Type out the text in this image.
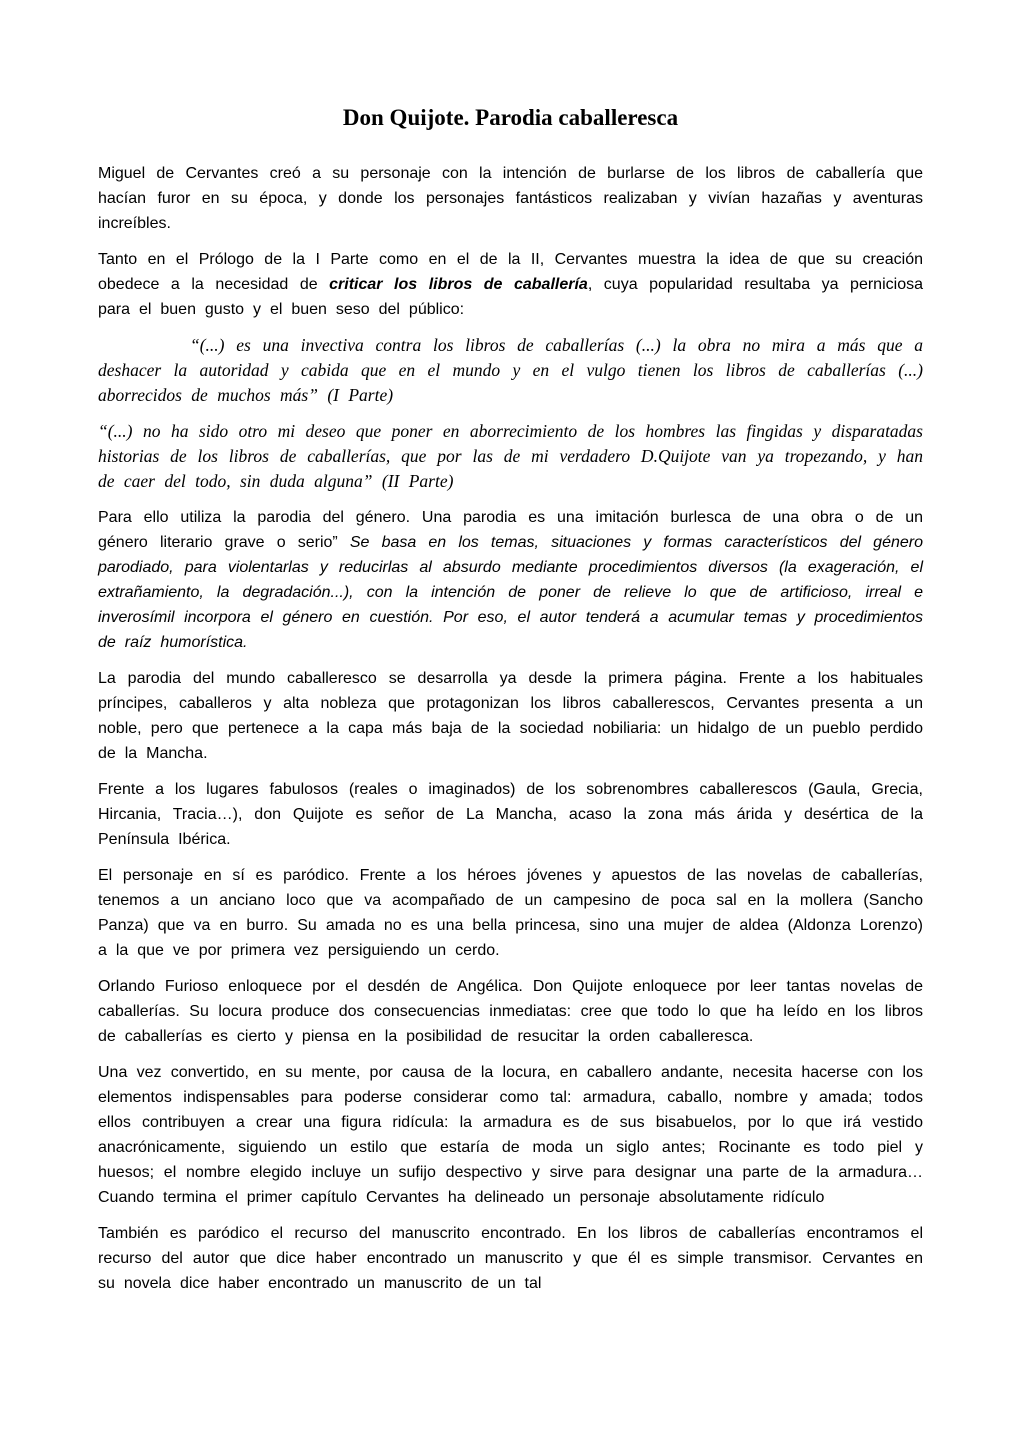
Don Quijote. Parodia caballeresca

Miguel de Cervantes creó a su personaje con la intención de burlarse de los libros de caballería que hacían furor en su época, y donde los personajes fantásticos realizaban y vivían hazañas y aventuras increíbles.

Tanto en el Prólogo de la I Parte como en el de la II, Cervantes muestra la idea de que su creación obedece a la necesidad de criticar los libros de caballería, cuya popularidad resultaba ya perniciosa para el buen gusto y el buen seso del público:

“(...) es una invectiva contra los libros de caballerías (...) la obra no mira a más que a deshacer la autoridad y cabida que en el mundo y en el vulgo tienen los libros de caballerías (...) aborrecidos de muchos más” (I Parte)

“(...) no ha sido otro mi deseo que poner en aborrecimiento de los hombres las fingidas y disparatadas historias de los libros de caballerías, que por las de mi verdadero D.Quijote van ya tropezando, y han de caer del todo, sin duda alguna” (II Parte)

Para ello utiliza la parodia del género. Una parodia es una imitación burlesca de una obra o de un género literario grave o serio” Se basa en los temas, situaciones y formas característicos del género parodiado, para violentarlas y reducirlas al absurdo mediante procedimientos diversos (la exageración, el extrañamiento, la degradación...), con la intención de poner de relieve lo que de artificioso, irreal e inverosímil incorpora el género en cuestión. Por eso, el autor tenderá a acumular temas y procedimientos de raíz humorística.

La parodia del mundo caballeresco se desarrolla ya desde la primera página. Frente a los habituales príncipes, caballeros y alta nobleza que protagonizan los libros caballerescos, Cervantes presenta a un noble, pero que pertenece a la capa más baja de la sociedad nobiliaria: un hidalgo de un pueblo perdido de la Mancha.

Frente a los lugares fabulosos (reales o imaginados) de los sobrenombres caballerescos (Gaula, Grecia, Hircania, Tracia…), don Quijote es señor de La Mancha, acaso la zona más árida y desértica de la Península Ibérica.

El personaje en sí es paródico. Frente a los héroes jóvenes y apuestos de las novelas de caballerías, tenemos a un anciano loco que va acompañado de un campesino de poca sal en la mollera (Sancho Panza) que va en burro. Su amada no es una bella princesa, sino una mujer de aldea (Aldonza Lorenzo) a la que ve por primera vez persiguiendo un cerdo.

Orlando Furioso enloquece por el desdén de Angélica. Don Quijote enloquece por leer tantas novelas de caballerías. Su locura produce dos consecuencias inmediatas: cree que todo lo que ha leído en los libros de caballerías es cierto y piensa en la posibilidad de resucitar la orden caballeresca.

Una vez convertido, en su mente, por causa de la locura, en caballero andante, necesita hacerse con los elementos indispensables para poderse considerar como tal: armadura, caballo, nombre y amada; todos ellos contribuyen a crear una figura ridícula: la armadura es de sus bisabuelos, por lo que irá vestido anacrónicamente, siguiendo un estilo que estaría de moda un siglo antes; Rocinante es todo piel y huesos; el nombre elegido incluye un sufijo despectivo y sirve para designar una parte de la armadura… Cuando termina el primer capítulo Cervantes ha delineado un personaje absolutamente ridículo

También es paródico el recurso del manuscrito encontrado. En los libros de caballerías encontramos el recurso del autor que dice haber encontrado un manuscrito y que él es simple transmisor. Cervantes en su novela dice haber encontrado un manuscrito de un tal
